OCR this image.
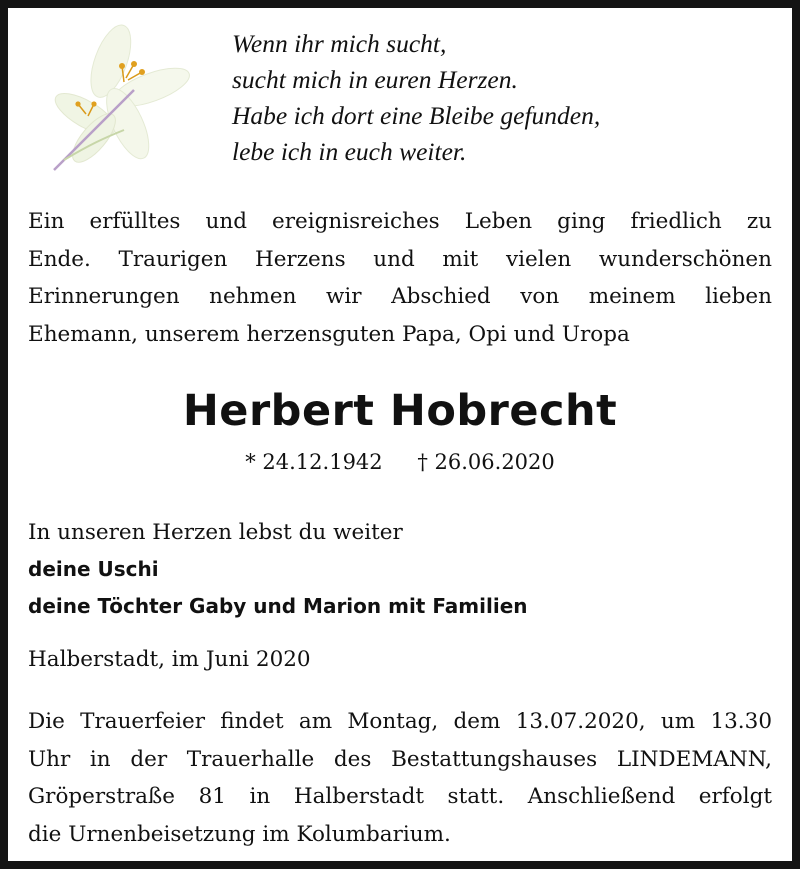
Wenn ihr mich sucht,
sucht mich in euren Herzen.
Habe ich dort eine Bleibe gefunden,
lebe ich in euch weiter.
Ein erfülltes und ereignisreiches Leben ging friedlich zu
Ende. Traurigen Herzens und mit vielen wunderschönen
Erinnerungen nehmen wir Abschied von meinem lieben
Ehemann, unserem herzensguten Papa, Opi und Uropa
Herbert Hobrecht
* 24.12.1942 † 26.06.2020
In unseren Herzen lebst du weiter
deine Uschi
deine Töchter Gaby und Marion mit Familien
Halberstadt, im Juni 2020
Die Trauerfeier findet am Montag, dem 13.07.2020, um 13.30
Uhr in der Trauerhalle des Bestattungshauses LINDEMANN,
Gröperstraße 81 in Halberstadt statt. Anschließend erfolgt
die Urnenbeisetzung im Kolumbarium.
